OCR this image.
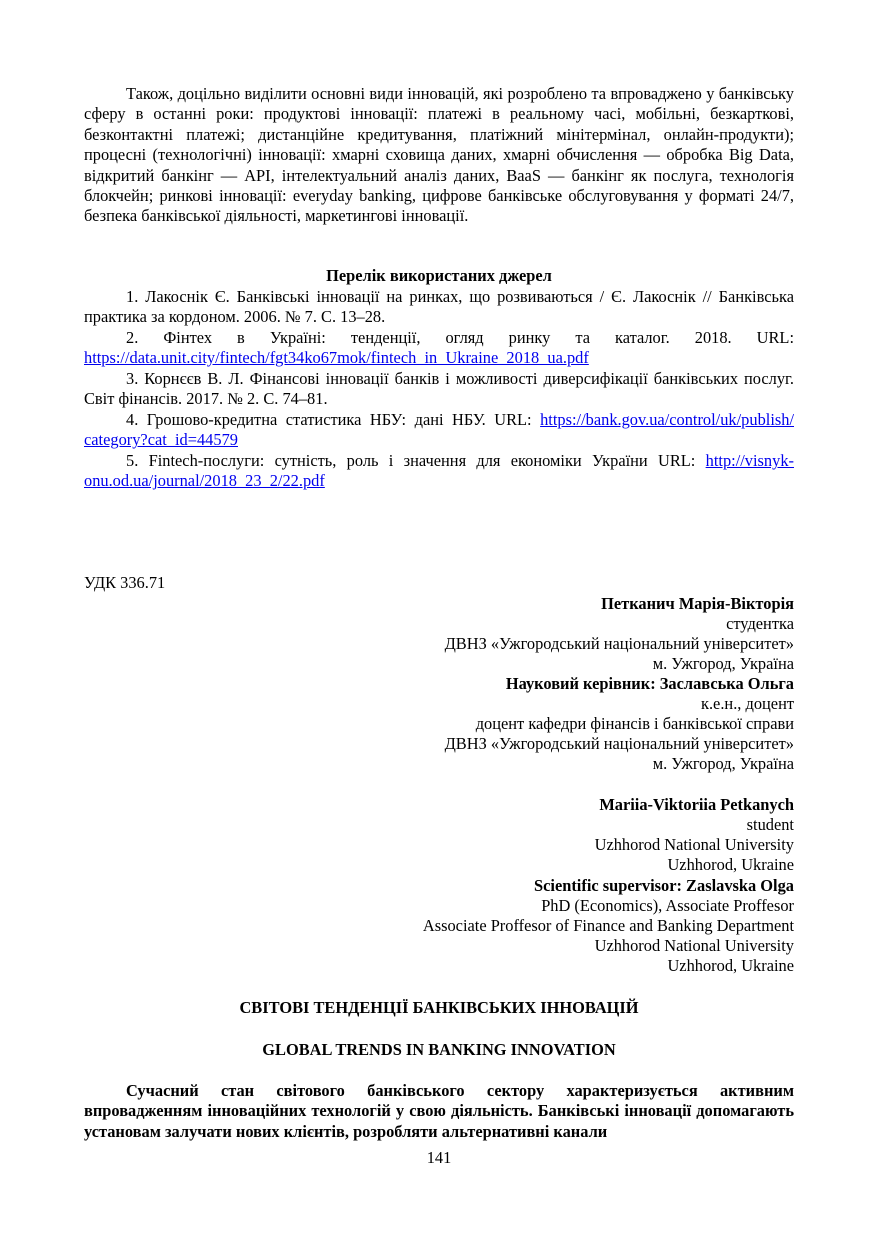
Також, доцільно виділити основні види інновацій, які розроблено та впроваджено у банківську сферу в останні роки: продуктові інновації: платежі в реальному часі, мобільні, безкарткові, безконтактні платежі; дистанційне кредитування, платіжний мінітермінал, онлайн-продукти); процесні (технологічні) інновації: хмарні сховища даних, хмарні обчислення — обробка Big Data, відкритий банкінг — API, інтелектуальний аналіз даних, BaaS — банкінг як послуга, технологія блокчейн; ринкові інновації: everyday banking, цифрове банківське обслуговування у форматі 24/7, безпека банківської діяльності, маркетингові інновації.

Перелік використаних джерел

1. Лакоснік Є. Банківські інновації на ринках, що розвиваються / Є. Лакоснік // Банківська практика за кордоном. 2006. № 7. С. 13–28.

2. Фінтех в Україні: тенденції, огляд ринку та каталог. 2018. URL: https://data.unit.city/fintech/fgt34ko67mok/fintech_in_Ukraine_2018_ua.pdf

3. Корнєєв В. Л. Фінансові інновації банків і можливості диверсифікації банківських послуг. Світ фінансів. 2017. № 2. С. 74–81.

4. Грошово-кредитна статистика НБУ: дані НБУ. URL: https://bank.gov.ua/control/uk/publish/ category?cat_id=44579

5. Fintech-послуги: сутність, роль і значення для економіки України URL: http://visnyk-onu.od.ua/journal/2018_23_2/22.pdf

УДК 336.71
Петканич Марія-Вікторія
студентка
ДВНЗ «Ужгородський національний університет»
м. Ужгород, Україна
Науковий керівник: Заславська Ольга
к.е.н., доцент
доцент кафедри фінансів і банківської справи
ДВНЗ «Ужгородський національний університет»
м. Ужгород, Україна
Mariia-Viktoriia Petkanych
student
Uzhhorod National University
Uzhhorod, Ukraine
Scientific supervisor: Zaslavska Olga
PhD (Economics), Associate Proffesor
Associate Proffesor of Finance and Banking Department
Uzhhorod National University
Uzhhorod, Ukraine
СВІТОВІ ТЕНДЕНЦІЇ БАНКІВСЬКИХ ІННОВАЦІЙ
GLOBAL TRENDS IN BANKING INNOVATION

Сучасний стан світового банківського сектору характеризується активним впровадженням інноваційних технологій у свою діяльність. Банківські інновації допомагають установам залучати нових клієнтів, розробляти альтернативні канали

141
